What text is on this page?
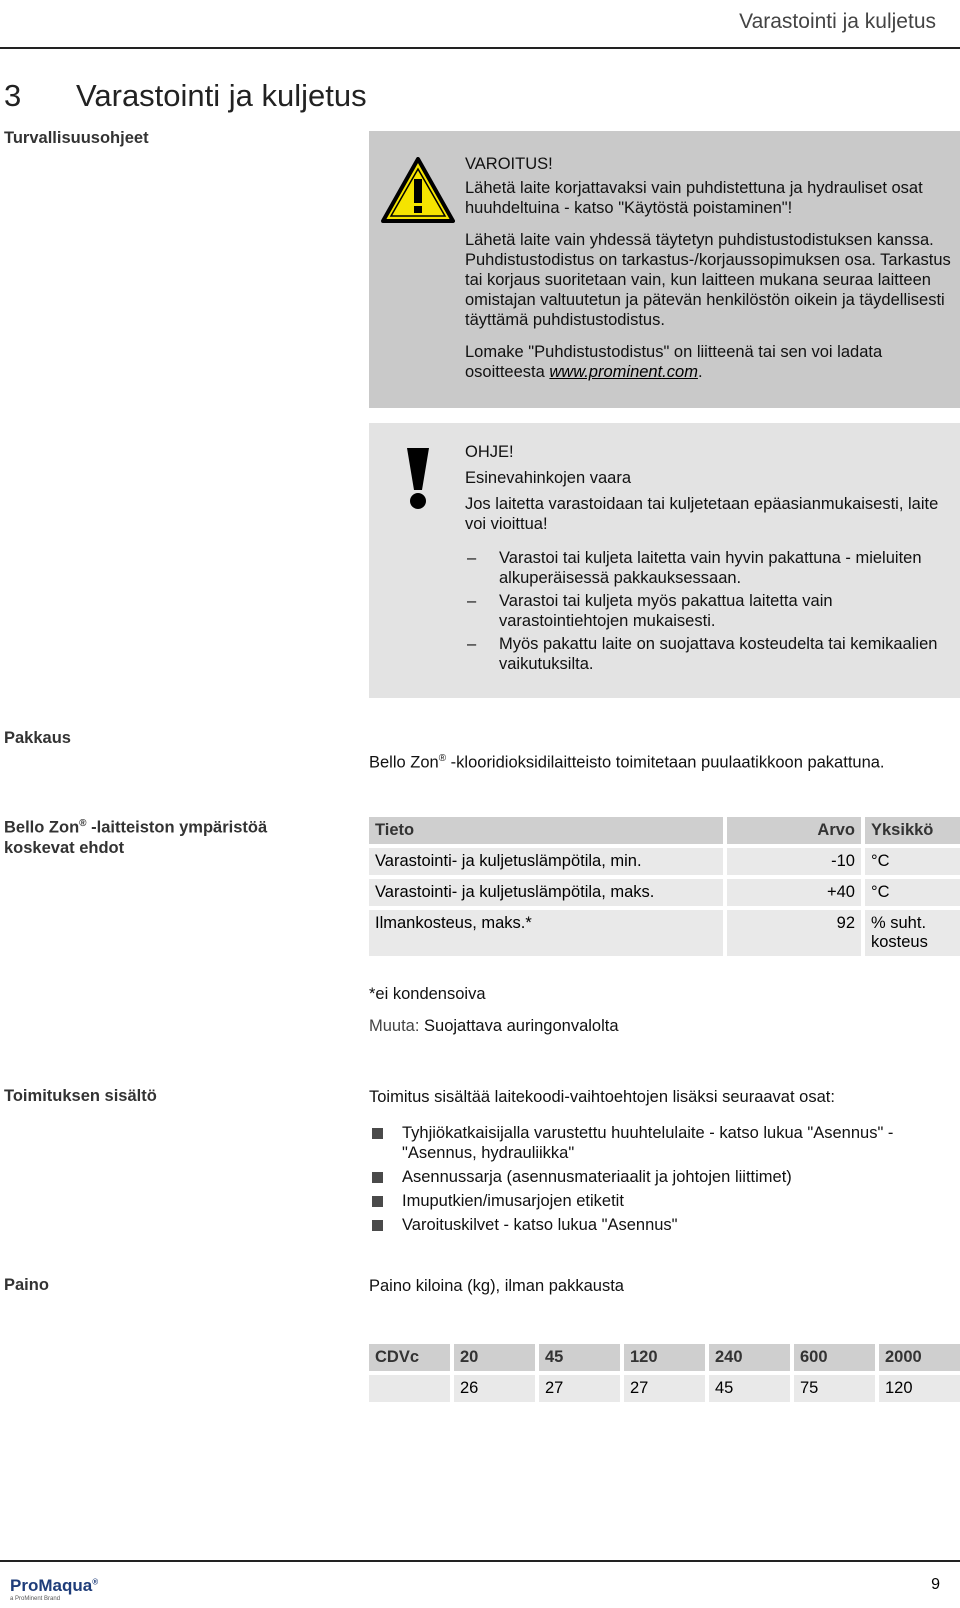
Varastointi ja kuljetus
3 Varastointi ja kuljetus
Turvallisuusohjeet

VAROITUS!

Lähetä laite korjattavaksi vain puhdistettuna ja hydrauliset osat huuhdeltuina - katso "Käytöstä poistaminen"!

Lähetä laite vain yhdessä täytetyn puhdistustodistuksen kanssa. Puhdistustodistus on tarkastus-/korjaussopimuksen osa. Tarkastus tai korjaus suoritetaan vain, kun laitteen mukana seuraa laitteen omistajan valtuutetun ja pätevän henkilöstön oikein ja täydellisesti täyttämä puhdistustodistus.

Lomake "Puhdistustodistus" on liitteenä tai sen voi ladata osoitteesta www.prominent.com.

OHJE!

Esinevahinkojen vaara

Jos laitetta varastoidaan tai kuljetetaan epäasianmukaisesti, laite voi vioittua!

– Varastoi tai kuljeta laitetta vain hyvin pakattuna - mieluiten alkuperäisessä pakkauksessaan.
– Varastoi tai kuljeta myös pakattua laitetta vain varastointiehtojen mukaisesti.
– Myös pakattu laite on suojattava kosteudelta tai kemikaalien vaikutuksilta.
Pakkaus
Bello Zon® -klooridioksidilaitteisto toimitetaan puulaatikkoon pakattuna.
Bello Zon® -laitteiston ympäristöä koskevat ehdot
Tieto	Arvo	Yksikkö
Varastointi- ja kuljetuslämpötila, min.	-10	°C
Varastointi- ja kuljetuslämpötila, maks.	+40	°C
Ilmankosteus, maks.*	92	% suht. kosteus
*ei kondensoiva
Muuta: Suojattava auringonvalolta
Toimituksen sisältö	Toimitus sisältää laitekoodi-vaihtoehtojen lisäksi seuraavat osat:
Tyhjiökatkaisijalla varustettu huuhtelulaite - katso lukua "Asennus" - "Asennus, hydrauliikka"
Asennussarja (asennusmateriaalit ja johtojen liittimet)
Imuputkien/imusarjojen etiketit
Varoituskilvet - katso lukua "Asennus"
Paino	Paino kiloina (kg), ilman pakkausta
CDVc	20	45	120	240	600	2000
	26	27	27	45	75	120
ProMaqua®
a ProMinent Brand
9
